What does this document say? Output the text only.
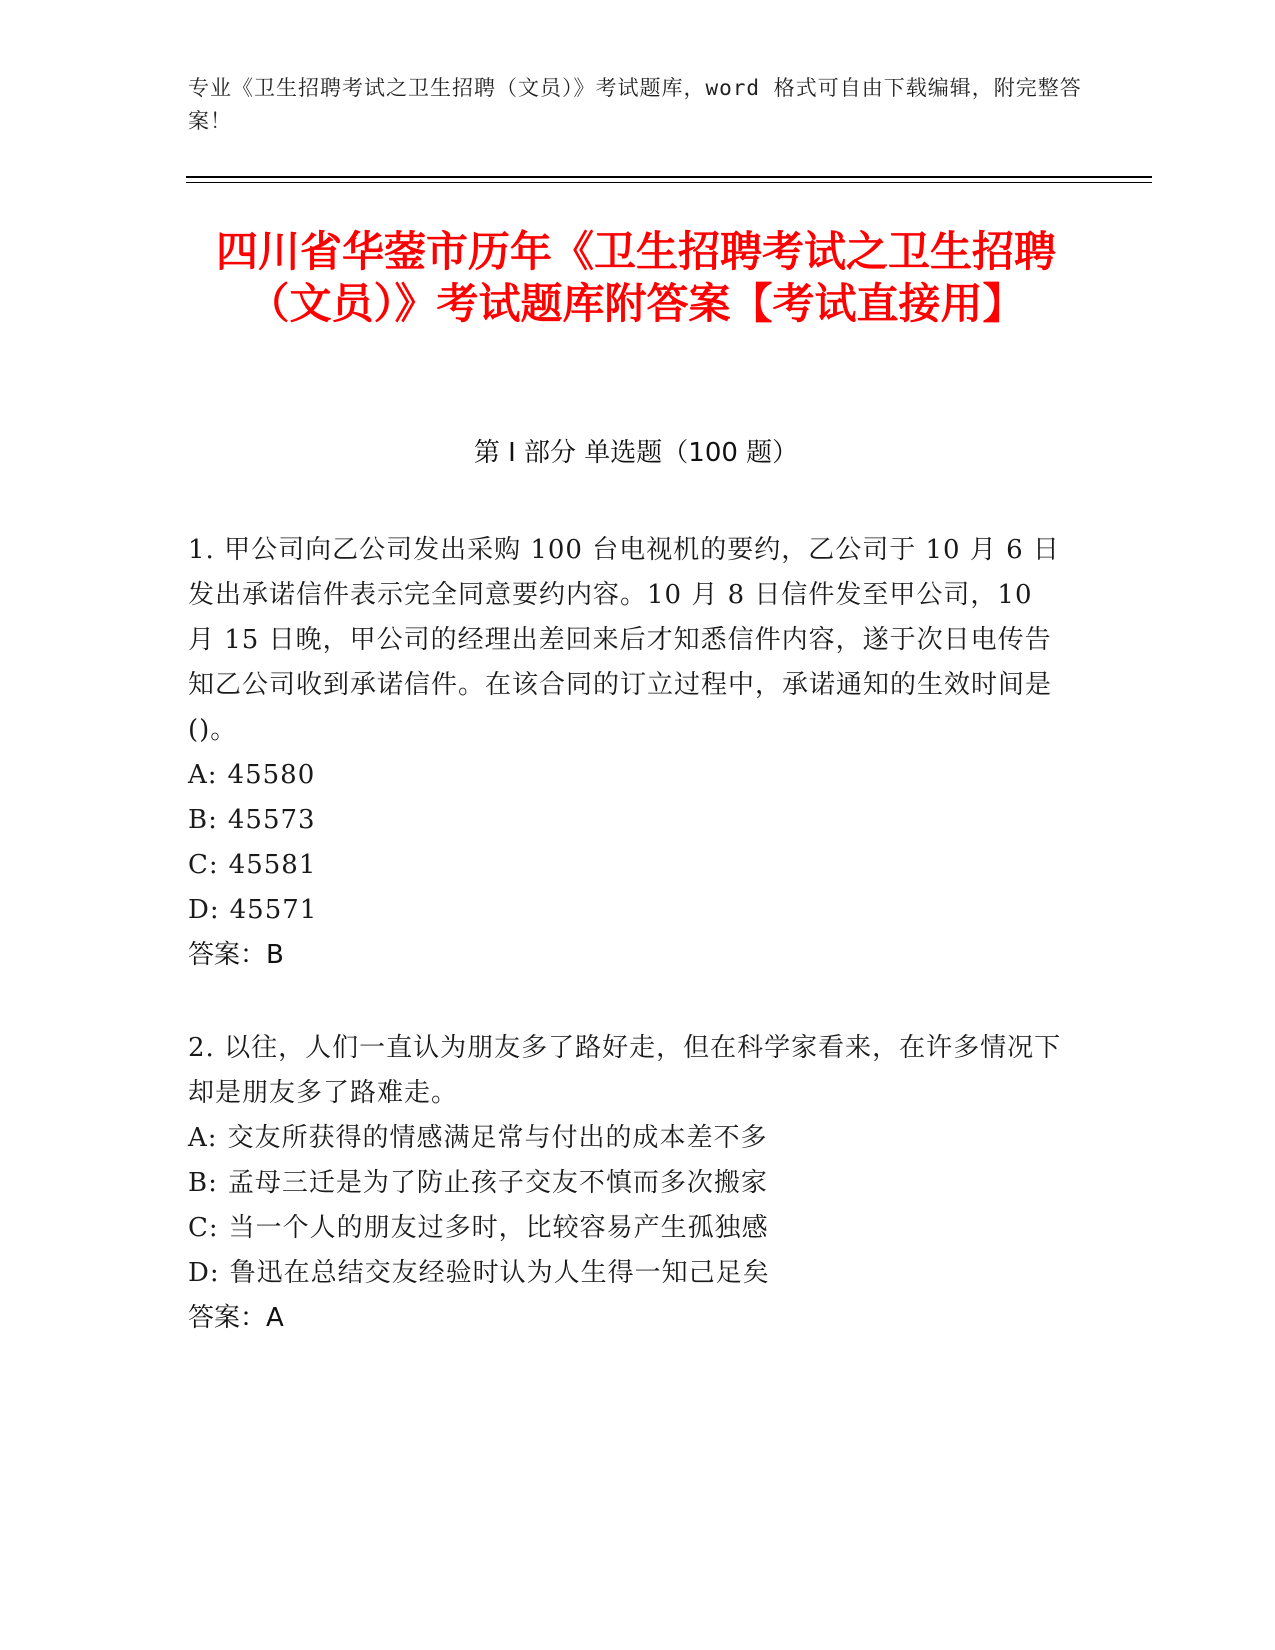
专业《卫生招聘考试之卫生招聘（文员）》考试题库，word 格式可自由下载编辑，附完整答案！
四川省华蓥市历年《卫生招聘考试之卫生招聘（文员）》考试题库附答案【考试直接用】
第 I 部分 单选题（100 题）

1. 甲公司向乙公司发出采购 100 台电视机的要约，乙公司于 10 月 6 日发出承诺信件表示完全同意要约内容。10 月 8 日信件发至甲公司，10 月 15 日晚，甲公司的经理出差回来后才知悉信件内容，遂于次日电传告知乙公司收到承诺信件。在该合同的订立过程中，承诺通知的生效时间是()。

A: 45580

B: 45573

C: 45581

D: 45571

答案：B

2. 以往，人们一直认为朋友多了路好走，但在科学家看来，在许多情况下却是朋友多了路难走。

A: 交友所获得的情感满足常与付出的成本差不多

B: 孟母三迁是为了防止孩子交友不慎而多次搬家

C: 当一个人的朋友过多时，比较容易产生孤独感

D: 鲁迅在总结交友经验时认为人生得一知己足矣

答案：A
